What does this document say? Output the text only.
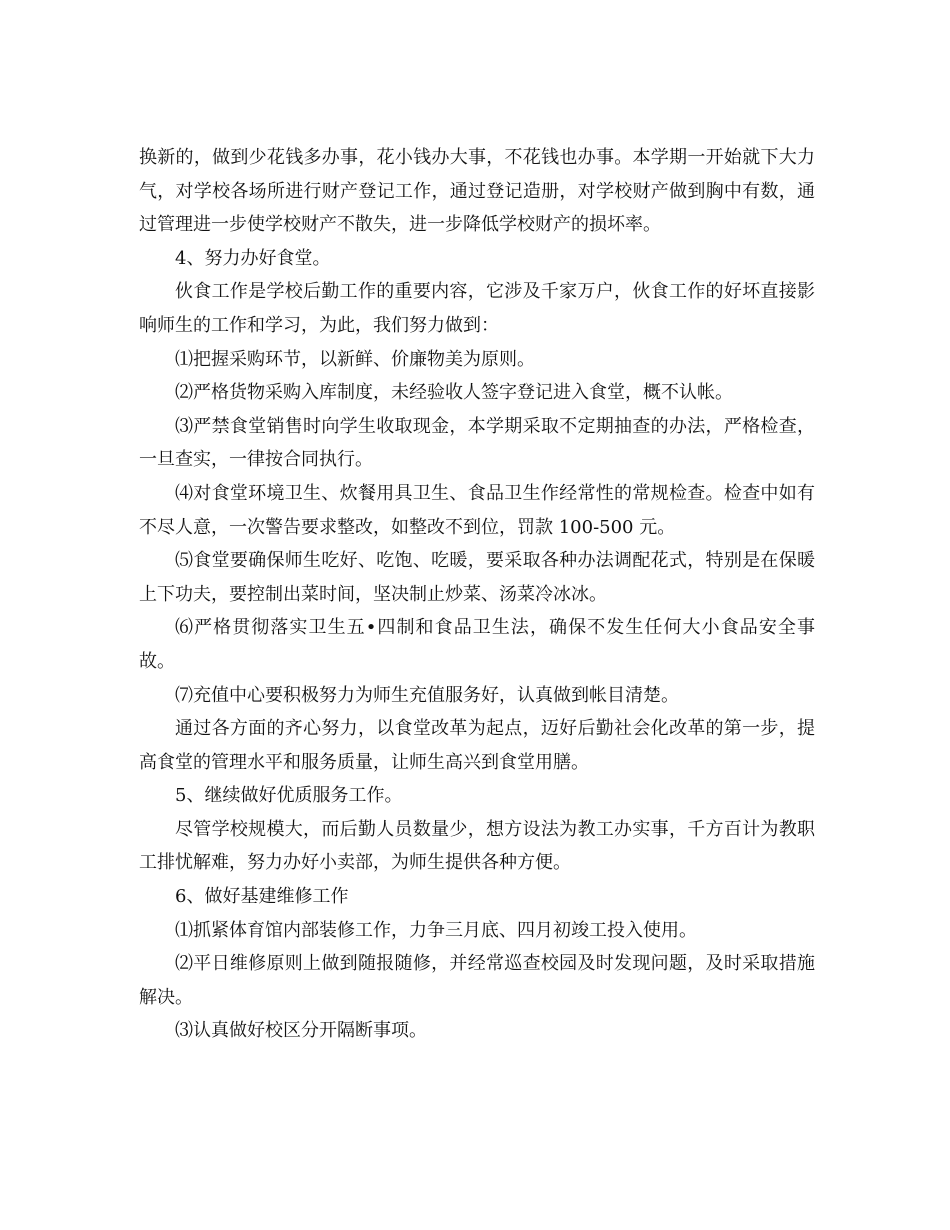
换新的，做到少花钱多办事，花小钱办大事，不花钱也办事。本学期一开始就下大力气，对学校各场所进行财产登记工作，通过登记造册，对学校财产做到胸中有数，通过管理进一步使学校财产不散失，进一步降低学校财产的损坏率。

4、努力办好食堂。

伙食工作是学校后勤工作的重要内容，它涉及千家万户，伙食工作的好坏直接影响师生的工作和学习，为此，我们努力做到：

⑴把握采购环节，以新鲜、价廉物美为原则。

⑵严格货物采购入库制度，未经验收人签字登记进入食堂，概不认帐。

⑶严禁食堂销售时向学生收取现金，本学期采取不定期抽查的办法，严格检查，一旦查实，一律按合同执行。

⑷对食堂环境卫生、炊餐用具卫生、食品卫生作经常性的常规检查。检查中如有不尽人意，一次警告要求整改，如整改不到位，罚款 100-500 元。

⑸食堂要确保师生吃好、吃饱、吃暖，要采取各种办法调配花式，特别是在保暖上下功夫，要控制出菜时间，坚决制止炒菜、汤菜冷冰冰。

⑹严格贯彻落实卫生五•四制和食品卫生法，确保不发生任何大小食品安全事故。

⑺充值中心要积极努力为师生充值服务好，认真做到帐目清楚。

通过各方面的齐心努力，以食堂改革为起点，迈好后勤社会化改革的第一步，提高食堂的管理水平和服务质量，让师生高兴到食堂用膳。

5、继续做好优质服务工作。

尽管学校规模大，而后勤人员数量少，想方设法为教工办实事，千方百计为教职工排忧解难，努力办好小卖部，为师生提供各种方便。

6、做好基建维修工作

⑴抓紧体育馆内部装修工作，力争三月底、四月初竣工投入使用。

⑵平日维修原则上做到随报随修，并经常巡查校园及时发现问题，及时采取措施解决。

⑶认真做好校区分开隔断事项。
